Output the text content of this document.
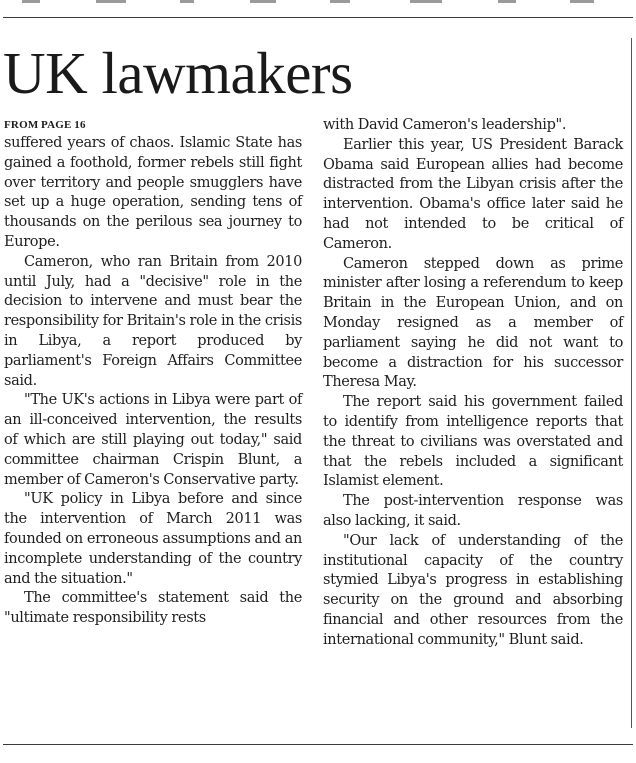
UK lawmakers
FROM PAGE 16

suffered years of chaos. Islamic State has gained a foothold, former rebels still fight over territory and people smugglers have set up a huge operation, sending tens of thousands on the perilous sea journey to Europe.

Cameron, who ran Britain from 2010 until July, had a "decisive" role in the decision to intervene and must bear the responsibility for Britain's role in the crisis in Libya, a report produced by parliament's Foreign Affairs Committee said.

"The UK's actions in Libya were part of an ill-conceived intervention, the results of which are still playing out today," said committee chairman Crispin Blunt, a member of Cameron's Conservative party.

"UK policy in Libya before and since the intervention of March 2011 was founded on erroneous assumptions and an incomplete understanding of the country and the situation."

The committee's statement said the "ultimate responsibility rests

with David Cameron's leadership".

Earlier this year, US President Barack Obama said European allies had become distracted from the Libyan crisis after the intervention. Obama's office later said he had not intended to be critical of Cameron.

Cameron stepped down as prime minister after losing a referendum to keep Britain in the European Union, and on Monday resigned as a member of parliament saying he did not want to become a distraction for his successor Theresa May.

The report said his government failed to identify from intelligence reports that the threat to civilians was overstated and that the rebels included a significant Islamist element.

The post-intervention response was also lacking, it said.

"Our lack of understanding of the institutional capacity of the country stymied Libya's progress in establishing security on the ground and absorbing financial and other resources from the international community," Blunt said.
